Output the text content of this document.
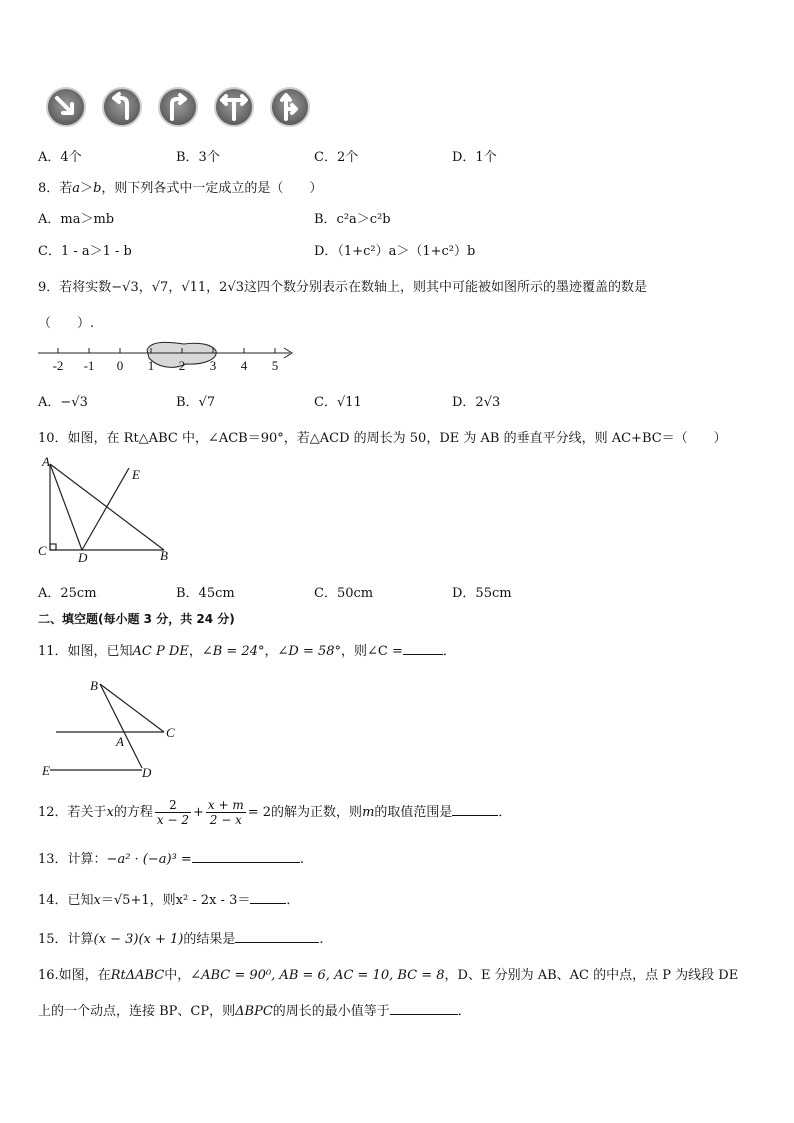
A．4个	B．3个	C．2个	D．1个
8．若a＞b，则下列各式中一定成立的是（　　）
A．ma＞mb	B．c²a＞c²b
C．1 - a＞1 - b	D．（1+c²）a＞（1+c²）b
9．若将实数−√3，√7，√11，2√3这四个数分别表示在数轴上，则其中可能被如图所示的墨迹覆盖的数是
（　　）.
-2 -1 0 1 2 3 4 5
A．−√3	B．√7	C．√11	D．2√3
10．如图，在 Rt△ABC 中，∠ACB＝90°，若△ACD 的周长为 50，DE 为 AB 的垂直平分线，则 AC+BC＝（　　）
A
C D	B
E
A．25cm	B．45cm	C．50cm	D．55cm
二、填空题(每小题 3 分，共 24 分)
11．如图，已知AC P DE，∠B = 24°，∠D = 58°，则∠C =	．
B
C
A
E	D
12．若关于x的方程 $\frac{2}{x - 2} + \frac{x + m}{2 - x} = 2$的解为正数，则m的取值范围是	．
13．计算：−a² · (−a)³ =	.
14．已知x＝√5+1，则x² - 2x - 3＝	．
15．计算(x − 3)(x + 1)的结果是	.
16.如图，在RtΔABC中，∠ABC = 90⁰, AB = 6, AC = 10, BC = 8，D、E 分别为 AB、AC 的中点，点 P 为线段 DE
上的一个动点，连接 BP、CP，则ΔBPC的周长的最小值等于	．
